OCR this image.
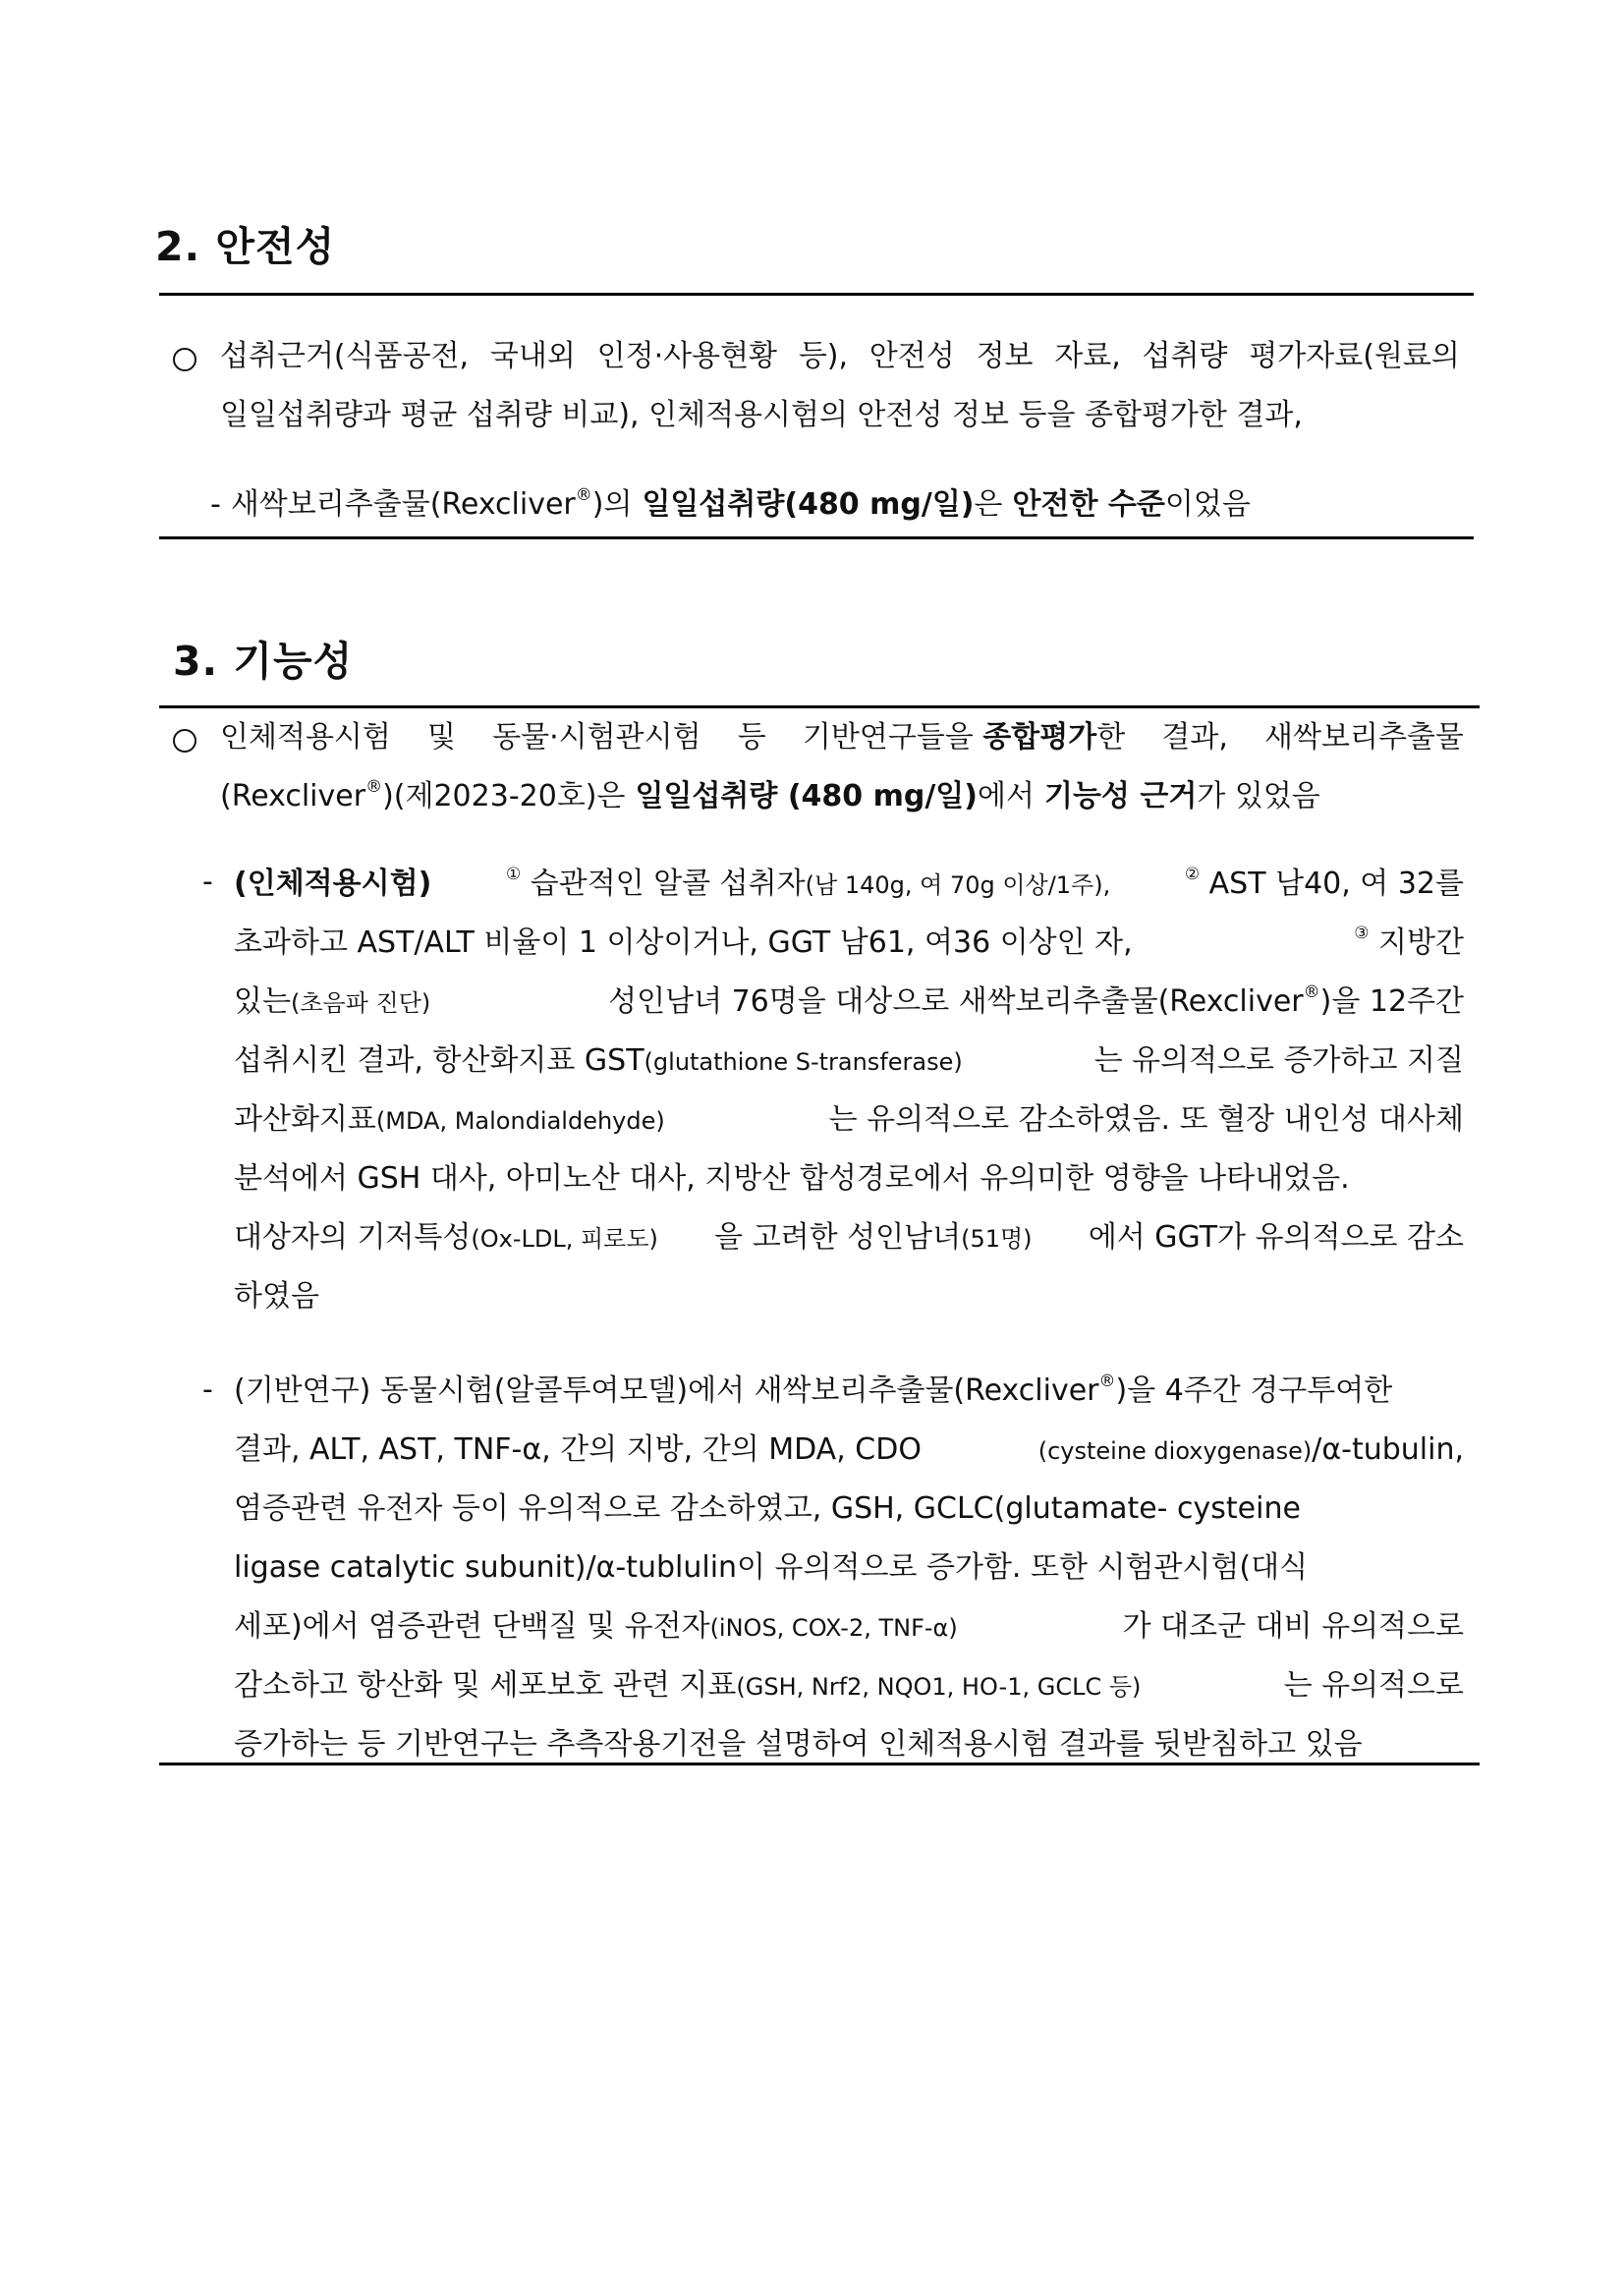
2. 안전성
섭취근거(식품공전, 국내외 인정·사용현황 등), 안전성 정보 자료, 섭취량 평가자료(원료의
일일섭취량과 평균 섭취량 비교), 인체적용시험의 안전성 정보 등을 종합평가한 결과,
- 새싹보리추출물(Rexcliver®)의 일일섭취량(480 mg/일)은 안전한 수준이었음
3. 기능성
인체적용시험 및 동물·시험관시험 등 기반연구들을 종합평가한 결과, 새싹보리추출물
(Rexcliver®)(제2023-20호)은 일일섭취량 (480 mg/일)에서 기능성 근거가 있었음
- (인체적용시험)	① 습관적인 알콜 섭취자(남 140g, 여 70g 이상/1주),	② AST 남40, 여 32를
초과하고 AST/ALT 비율이 1 이상이거나, GGT 남61, 여36 이상인 자,	③ 지방간
있는(초음파 진단)	성인남녀 76명을 대상으로 새싹보리추출물(Rexcliver®)을 12주간
섭취시킨 결과, 항산화지표 GST(glutathione S-transferase)	는 유의적으로 증가하고 지질
과산화지표(MDA, Malondialdehyde)	는 유의적으로 감소하였음. 또 혈장 내인성 대사체
분석에서 GSH 대사, 아미노산 대사, 지방산 합성경로에서 유의미한 영향을 나타내었음.
대상자의 기저특성(Ox-LDL, 피로도) 을 고려한 성인남녀(51명) 에서 GGT가 유의적으로 감소
하였음
- (기반연구) 동물시험(알콜투여모델)에서 새싹보리추출물(Rexcliver®)을 4주간 경구투여한
결과, ALT, AST, TNF-α, 간의 지방, 간의 MDA, CDO	(cysteine dioxygenase)/α-tubulin,
염증관련 유전자 등이 유의적으로 감소하였고, GSH, GCLC(glutamate- cysteine
ligase catalytic subunit)/α-tublulin이 유의적으로 증가함. 또한 시험관시험(대식
세포)에서 염증관련 단백질 및 유전자(iNOS, COX-2, TNF-α)	가 대조군 대비 유의적으로
감소하고 항산화 및 세포보호 관련 지표(GSH, Nrf2, NQO1, HO-1, GCLC 등)	는 유의적으로
증가하는 등 기반연구는 추측작용기전을 설명하여 인체적용시험 결과를 뒷받침하고 있음
